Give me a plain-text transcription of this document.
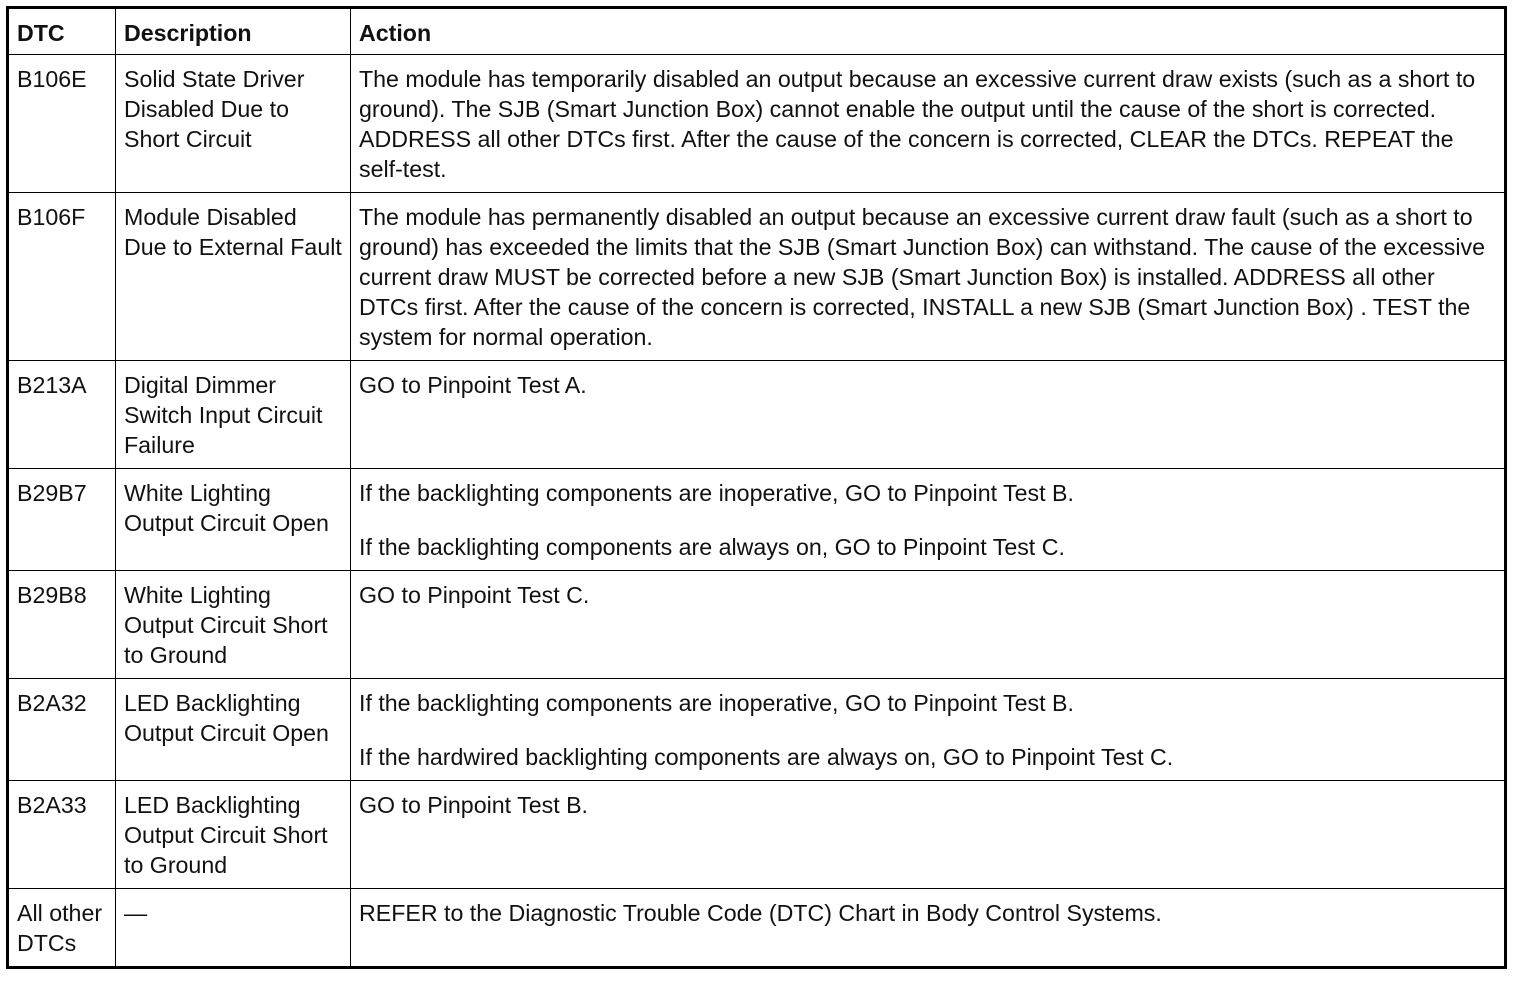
DTC	Description	Action
B106E	Solid State Driver Disabled Due to Short Circuit	The module has temporarily disabled an output because an excessive current draw exists (such as a short to ground). The SJB (Smart Junction Box) cannot enable the output until the cause of the short is corrected. ADDRESS all other DTCs first. After the cause of the concern is corrected, CLEAR the DTCs. REPEAT the self-test.

B106F	Module Disabled Due to External Fault	The module has permanently disabled an output because an excessive current draw fault (such as a short to ground) has exceeded the limits that the SJB (Smart Junction Box) can withstand. The cause of the excessive current draw MUST be corrected before a new SJB (Smart Junction Box) is installed. ADDRESS all other DTCs first. After the cause of the concern is corrected, INSTALL a new SJB (Smart Junction Box) . TEST the system for normal operation.

B213A	Digital Dimmer Switch Input Circuit Failure	GO to Pinpoint Test A.

B29B7	White Lighting Output Circuit Open	If the backlighting components are inoperative, GO to Pinpoint Test B.
If the backlighting components are always on, GO to Pinpoint Test C.

B29B8	White Lighting Output Circuit Short to Ground	GO to Pinpoint Test C.

B2A32	LED Backlighting Output Circuit Open	If the backlighting components are inoperative, GO to Pinpoint Test B.
If the hardwired backlighting components are always on, GO to Pinpoint Test C.

B2A33	LED Backlighting Output Circuit Short to Ground	GO to Pinpoint Test B.

All other DTCs	—	REFER to the Diagnostic Trouble Code (DTC) Chart in Body Control Systems.
